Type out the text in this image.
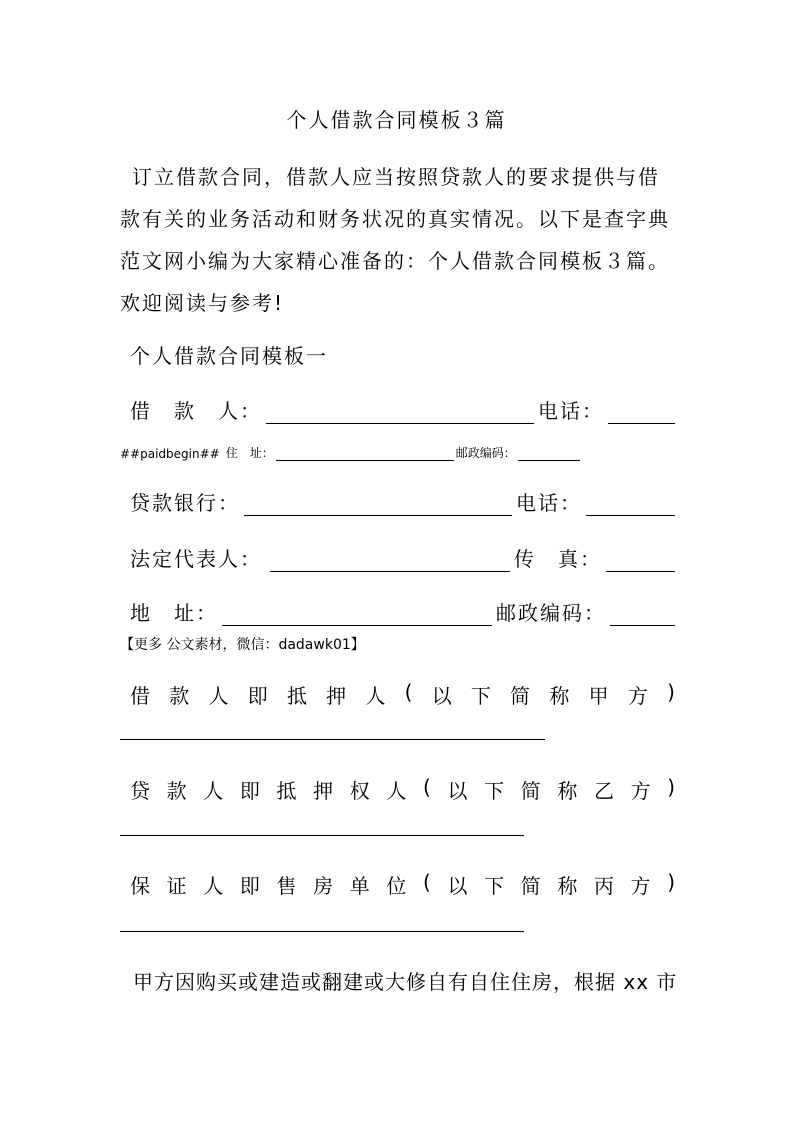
个人借款合同模板３篇
订立借款合同，借款人应当按照贷款人的要求提供与借款有关的业务活动和财务状况的真实情况。以下是查字典范文网小编为大家精心准备的：个人借款合同模板３篇。欢迎阅读与参考!
个人借款合同模板一
借　款　人：	电话：
##paidbegin## 住　址：	邮政编码：
贷款银行：	电话：
法定代表人：	传　真：
地　址：	邮政编码：
【更多 公文素材，微信：dadawk01】
借 款 人 即 抵 押 人 ( 以 下 简 称 甲 方 )
贷 款 人 即 抵 押 权 人 ( 以 下 简 称 乙 方 )
保 证 人 即 售 房 单 位 ( 以 下 简 称 丙 方 )
甲方因购买或建造或翻建或大修自有自住住房，根据 xx 市
